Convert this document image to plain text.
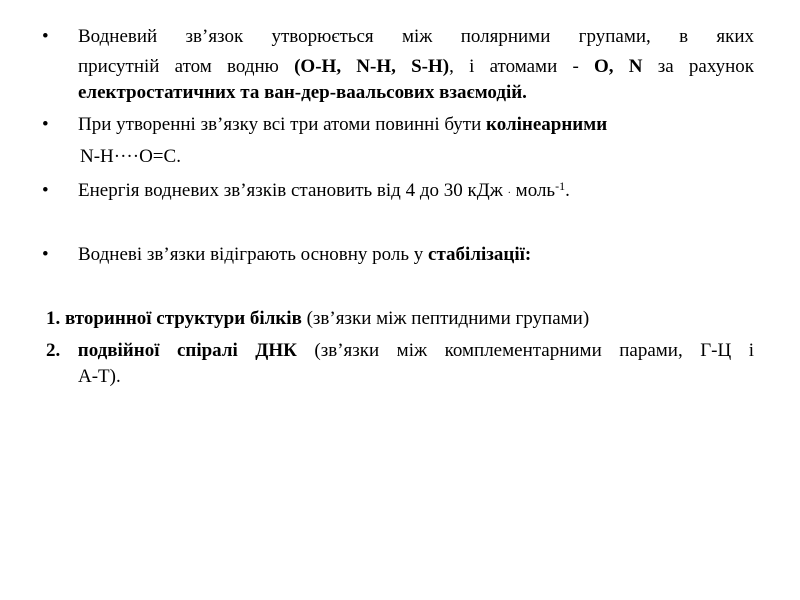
•	Водневий зв’язок утворюється між полярними групами, в яких
присутній атом водню (О-Н, N-H, S-H), і атомами - О, N за рахунок
електростатичних та ван-дер-ваальсових взаємодій.
•	При утворенні зв’язку всі три атоми повинні бути колінеарними
N-H····O=C.
•	Енергія водневих зв’язків становить від 4 до 30 кДж · моль$^{-1}$.
•	Водневі зв’язки відіграють основну роль у стабілізації:
1. вторинної структури білків (зв’язки між пептидними групами)
2. подвійної спіралі ДНК (зв’язки між комплементарними парами, Г-Ц і
А-Т).
